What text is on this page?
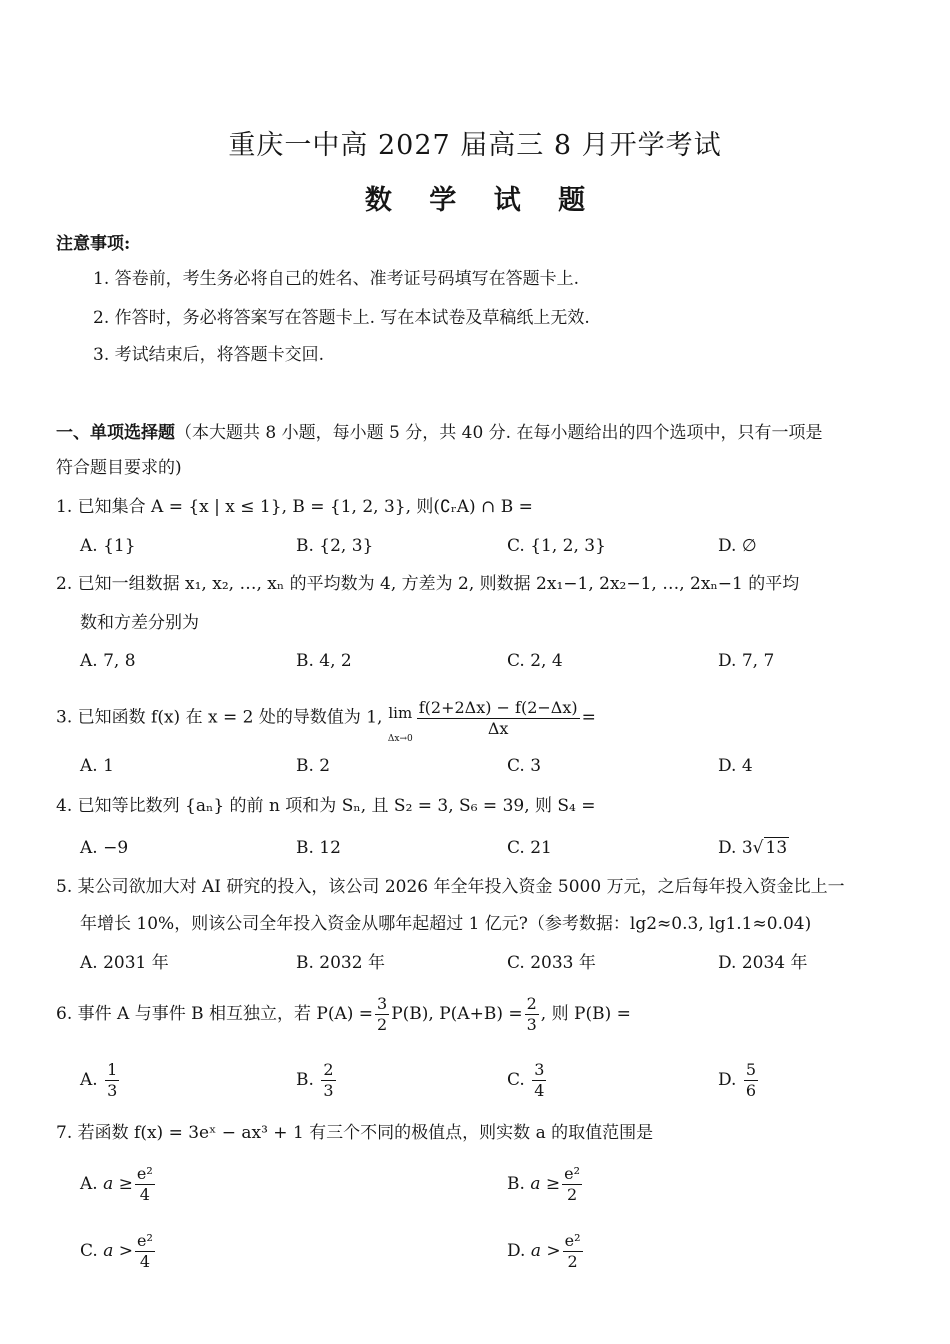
重庆一中高 2027 届高三 8 月开学考试
数 学 试 题
注意事项:
1. 答卷前，考生务必将自己的姓名、准考证号码填写在答题卡上.
2. 作答时，务必将答案写在答题卡上. 写在本试卷及草稿纸上无效.
3. 考试结束后，将答题卡交回.
一、单项选择题（本大题共 8 小题，每小题 5 分，共 40 分. 在每小题给出的四个选项中，只有一项是
符合题目要求的)
1. 已知集合 A = {x | x ≤ 1}, B = {1, 2, 3}, 则(∁ᵣA) ∩ B =
A. {1}	B. {2, 3}	C. {1, 2, 3}	D. ∅
2. 已知一组数据 x₁, x₂, …, xₙ 的平均数为 4, 方差为 2, 则数据 2x₁−1, 2x₂−1, …, 2xₙ−1 的平均
数和方差分别为
A. 7, 8	B. 4, 2	C. 2, 4	D. 7, 7
3. 已知函数 f(x) 在 x = 2 处的导数值为 1, lim
Δx→0
$\frac{f(2+2\Delta x) - f(2-\Delta x)}{\Delta x}$ =
A. 1	B. 2	C. 3	D. 4
4. 已知等比数列 {aₙ} 的前 n 项和为 Sₙ, 且 S₂ = 3, S₆ = 39, 则 S₄ =
A. −9	B. 12	C. 21	D. 3√ 13
5. 某公司欲加大对 AI 研究的投入，该公司 2026 年全年投入资金 5000 万元，之后每年投入资金比上一
年增长 10%，则该公司全年投入资金从哪年起超过 1 亿元?（参考数据：lg2≈0.3, lg1.1≈0.04)
A. 2031 年	B. 2032 年	C. 2033 年	D. 2034 年
6. 事件 A 与事件 B 相互独立，若 $P(A) = \frac{3}{2} P(B)$, $P(A+B) = \frac{2}{3}$ , 则 P(B) =
A. $\frac{1}{3}$	B. $\frac{2}{3}$	C. $\frac{3}{4}$	D. $\frac{5}{6}$
7. 若函数 f(x) = 3eˣ − ax³ + 1 有三个不同的极值点，则实数 a 的取值范围是
A. $a \ge \frac{\text{e²}}{4}$	B. $a \ge \frac{\text{e²}}{2}$
C. $a > \frac{\text{e²}}{4}$	D. $a > \frac{\text{e²}}{2}$
